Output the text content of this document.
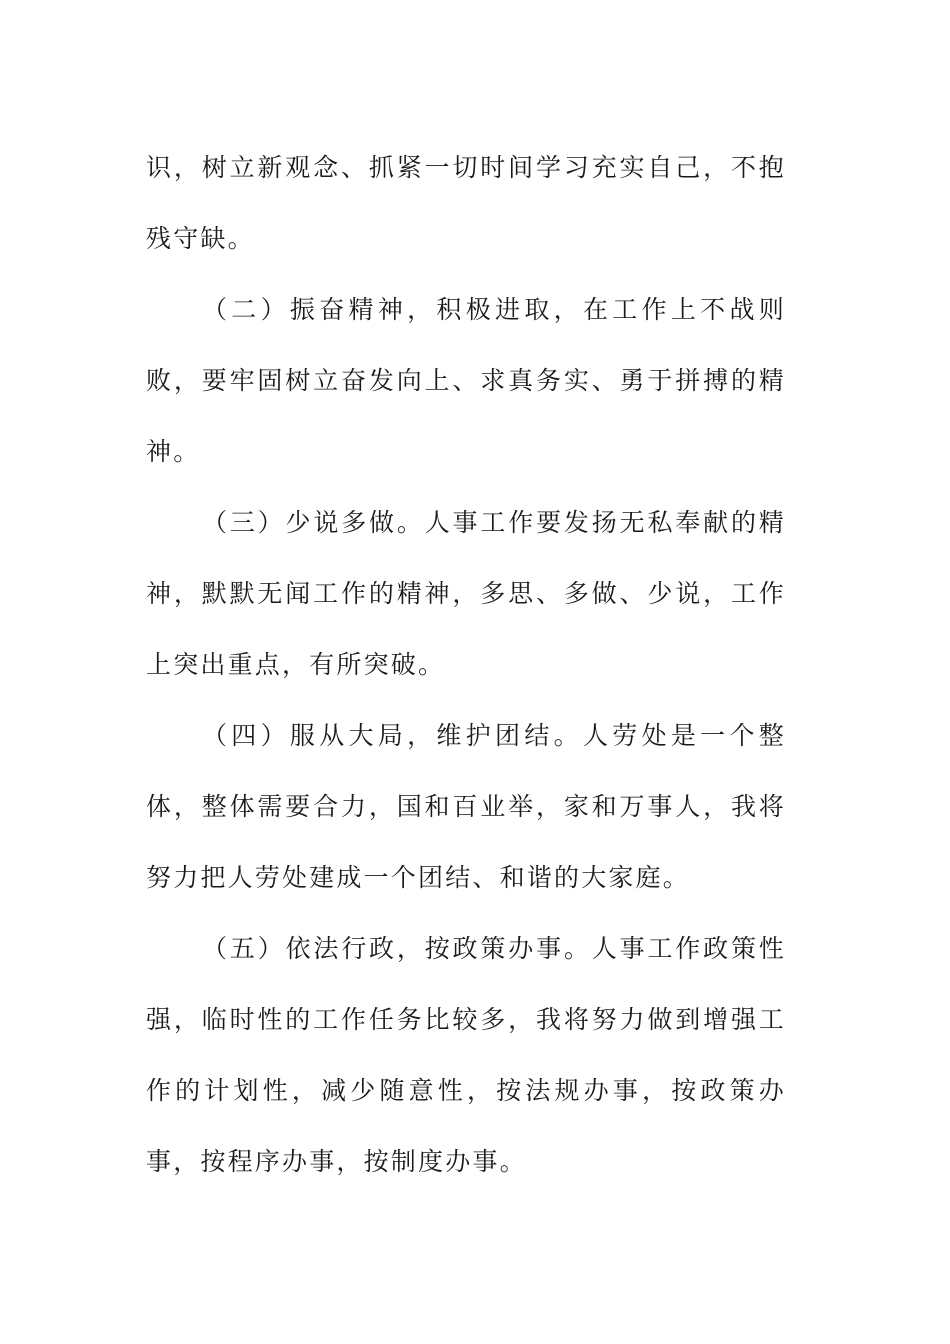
识，树立新观念、抓紧一切时间学习充实自己，不抱残守缺。

（二）振奋精神，积极进取，在工作上不战则败，要牢固树立奋发向上、求真务实、勇于拼搏的精神。

（三）少说多做。人事工作要发扬无私奉献的精神，默默无闻工作的精神，多思、多做、少说，工作上突出重点，有所突破。

（四）服从大局，维护团结。人劳处是一个整体，整体需要合力，国和百业举，家和万事人，我将努力把人劳处建成一个团结、和谐的大家庭。

（五）依法行政，按政策办事。人事工作政策性强，临时性的工作任务比较多，我将努力做到增强工作的计划性，减少随意性，按法规办事，按政策办事，按程序办事，按制度办事。
